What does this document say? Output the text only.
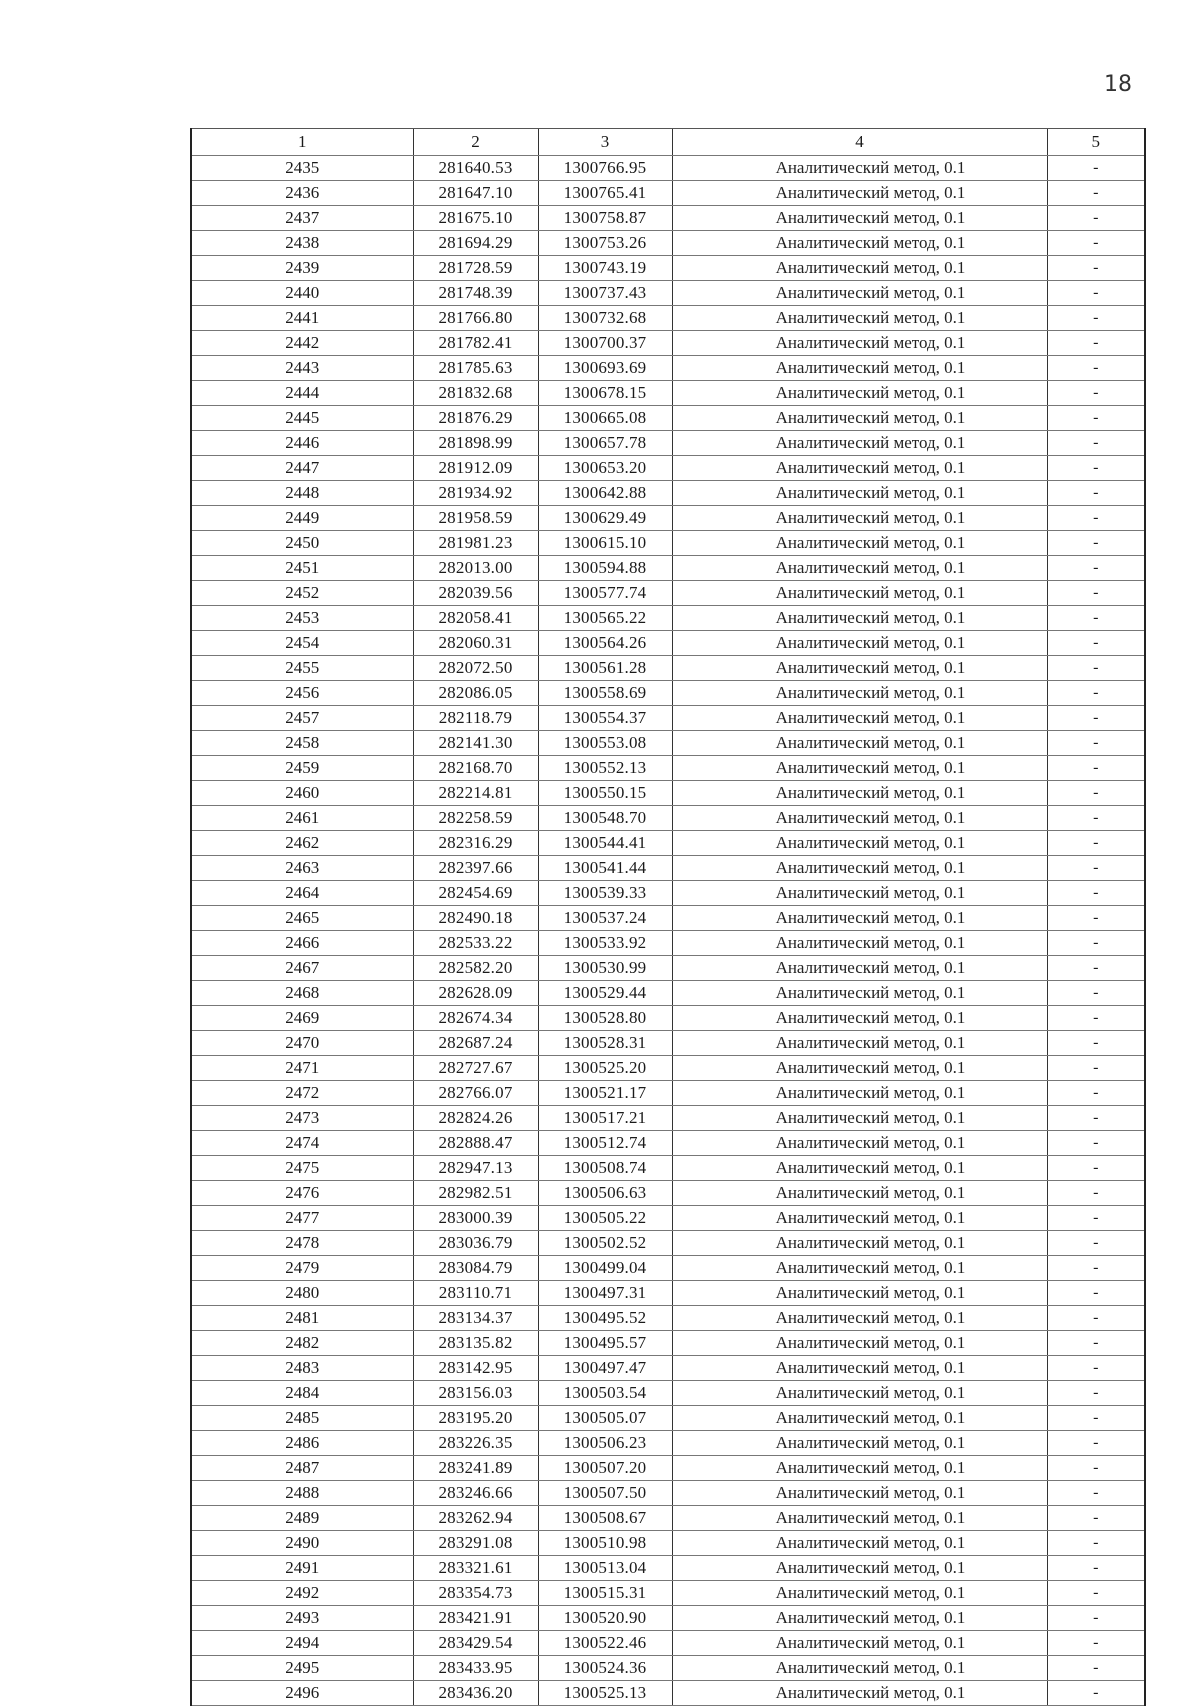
18
1	2	3	4	5
2435	281640.53	1300766.95	Аналитический метод, 0.1	-
2436	281647.10	1300765.41	Аналитический метод, 0.1	-
2437	281675.10	1300758.87	Аналитический метод, 0.1	-
2438	281694.29	1300753.26	Аналитический метод, 0.1	-
2439	281728.59	1300743.19	Аналитический метод, 0.1	-
2440	281748.39	1300737.43	Аналитический метод, 0.1	-
2441	281766.80	1300732.68	Аналитический метод, 0.1	-
2442	281782.41	1300700.37	Аналитический метод, 0.1	-
2443	281785.63	1300693.69	Аналитический метод, 0.1	-
2444	281832.68	1300678.15	Аналитический метод, 0.1	-
2445	281876.29	1300665.08	Аналитический метод, 0.1	-
2446	281898.99	1300657.78	Аналитический метод, 0.1	-
2447	281912.09	1300653.20	Аналитический метод, 0.1	-
2448	281934.92	1300642.88	Аналитический метод, 0.1	-
2449	281958.59	1300629.49	Аналитический метод, 0.1	-
2450	281981.23	1300615.10	Аналитический метод, 0.1	-
2451	282013.00	1300594.88	Аналитический метод, 0.1	-
2452	282039.56	1300577.74	Аналитический метод, 0.1	-
2453	282058.41	1300565.22	Аналитический метод, 0.1	-
2454	282060.31	1300564.26	Аналитический метод, 0.1	-
2455	282072.50	1300561.28	Аналитический метод, 0.1	-
2456	282086.05	1300558.69	Аналитический метод, 0.1	-
2457	282118.79	1300554.37	Аналитический метод, 0.1	-
2458	282141.30	1300553.08	Аналитический метод, 0.1	-
2459	282168.70	1300552.13	Аналитический метод, 0.1	-
2460	282214.81	1300550.15	Аналитический метод, 0.1	-
2461	282258.59	1300548.70	Аналитический метод, 0.1	-
2462	282316.29	1300544.41	Аналитический метод, 0.1	-
2463	282397.66	1300541.44	Аналитический метод, 0.1	-
2464	282454.69	1300539.33	Аналитический метод, 0.1	-
2465	282490.18	1300537.24	Аналитический метод, 0.1	-
2466	282533.22	1300533.92	Аналитический метод, 0.1	-
2467	282582.20	1300530.99	Аналитический метод, 0.1	-
2468	282628.09	1300529.44	Аналитический метод, 0.1	-
2469	282674.34	1300528.80	Аналитический метод, 0.1	-
2470	282687.24	1300528.31	Аналитический метод, 0.1	-
2471	282727.67	1300525.20	Аналитический метод, 0.1	-
2472	282766.07	1300521.17	Аналитический метод, 0.1	-
2473	282824.26	1300517.21	Аналитический метод, 0.1	-
2474	282888.47	1300512.74	Аналитический метод, 0.1	-
2475	282947.13	1300508.74	Аналитический метод, 0.1	-
2476	282982.51	1300506.63	Аналитический метод, 0.1	-
2477	283000.39	1300505.22	Аналитический метод, 0.1	-
2478	283036.79	1300502.52	Аналитический метод, 0.1	-
2479	283084.79	1300499.04	Аналитический метод, 0.1	-
2480	283110.71	1300497.31	Аналитический метод, 0.1	-
2481	283134.37	1300495.52	Аналитический метод, 0.1	-
2482	283135.82	1300495.57	Аналитический метод, 0.1	-
2483	283142.95	1300497.47	Аналитический метод, 0.1	-
2484	283156.03	1300503.54	Аналитический метод, 0.1	-
2485	283195.20	1300505.07	Аналитический метод, 0.1	-
2486	283226.35	1300506.23	Аналитический метод, 0.1	-
2487	283241.89	1300507.20	Аналитический метод, 0.1	-
2488	283246.66	1300507.50	Аналитический метод, 0.1	-
2489	283262.94	1300508.67	Аналитический метод, 0.1	-
2490	283291.08	1300510.98	Аналитический метод, 0.1	-
2491	283321.61	1300513.04	Аналитический метод, 0.1	-
2492	283354.73	1300515.31	Аналитический метод, 0.1	-
2493	283421.91	1300520.90	Аналитический метод, 0.1	-
2494	283429.54	1300522.46	Аналитический метод, 0.1	-
2495	283433.95	1300524.36	Аналитический метод, 0.1	-
2496	283436.20	1300525.13	Аналитический метод, 0.1	-
